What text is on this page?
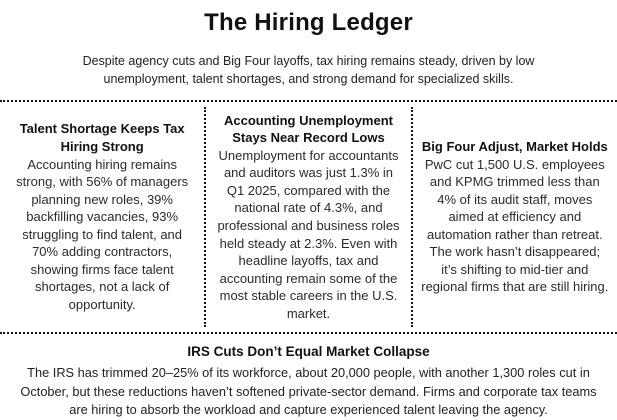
The Hiring Ledger

Despite agency cuts and Big Four layoffs, tax hiring remains steady, driven by low unemployment, talent shortages, and strong demand for specialized skills.

Talent Shortage Keeps Tax Hiring Strong

Accounting hiring remains strong, with 56% of managers planning new roles, 39% backfilling vacancies, 93% struggling to find talent, and 70% adding contractors, showing firms face talent shortages, not a lack of opportunity.

Accounting Unemployment Stays Near Record Lows

Unemployment for accountants and auditors was just 1.3% in Q1 2025, compared with the national rate of 4.3%, and professional and business roles held steady at 2.3%. Even with headline layoffs, tax and accounting remain some of the most stable careers in the U.S. market.

Big Four Adjust, Market Holds

PwC cut 1,500 U.S. employees and KPMG trimmed less than 4% of its audit staff, moves aimed at efficiency and automation rather than retreat. The work hasn’t disappeared; it’s shifting to mid-tier and regional firms that are still hiring.

IRS Cuts Don’t Equal Market Collapse

The IRS has trimmed 20–25% of its workforce, about 20,000 people, with another 1,300 roles cut in October, but these reductions haven’t softened private-sector demand. Firms and corporate tax teams are hiring to absorb the workload and capture experienced talent leaving the agency.
